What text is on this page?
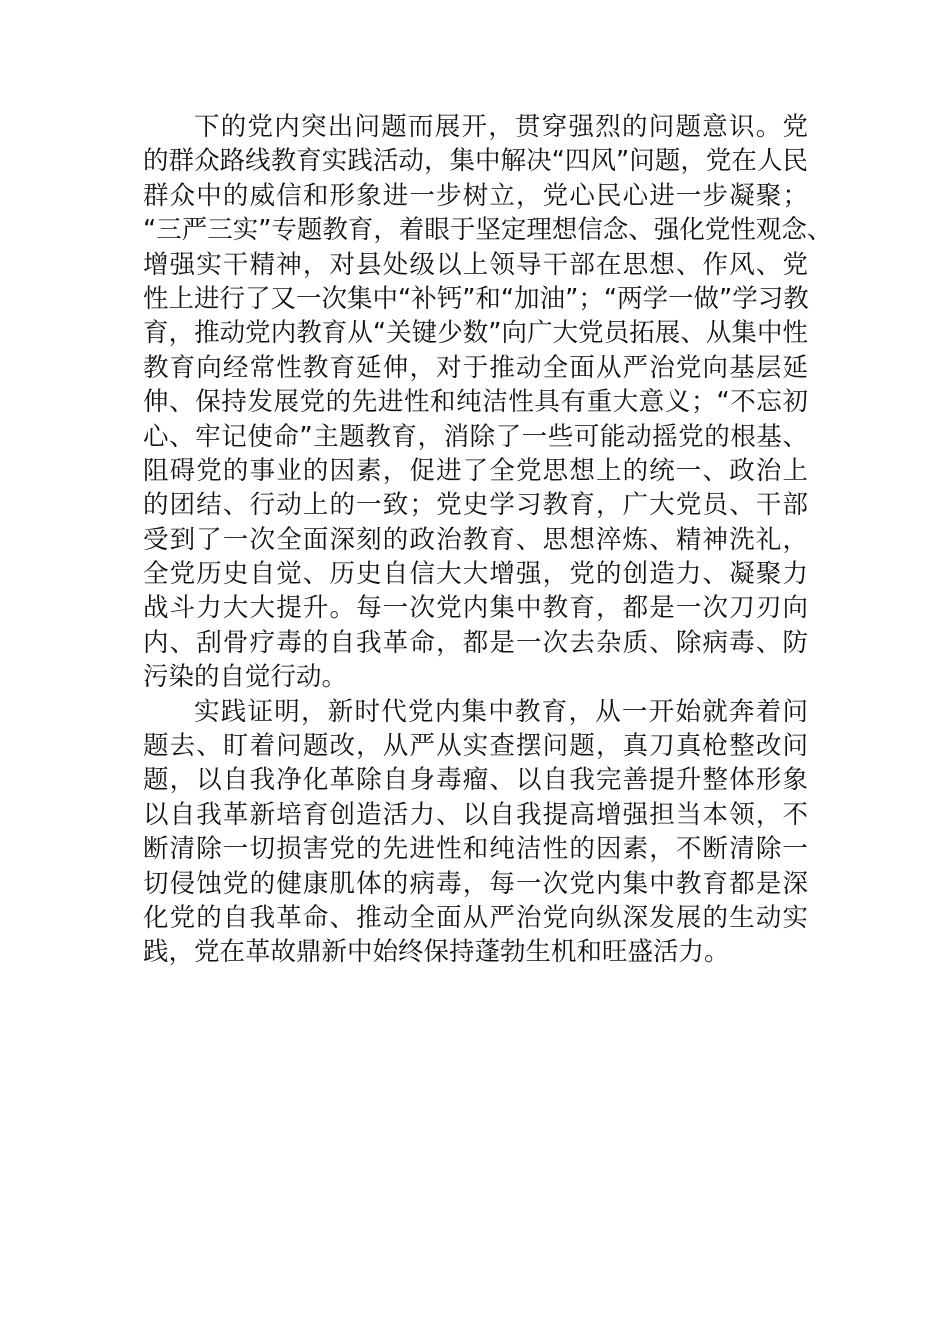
下的党内突出问题而展开，贯穿强烈的问题意识。党
的群众路线教育实践活动，集中解决“四风”问题，党在人民
群众中的威信和形象进一步树立，党心民心进一步凝聚；
“三严三实”专题教育，着眼于坚定理想信念、强化党性观念、
增强实干精神，对县处级以上领导干部在思想、作风、党
性上进行了又一次集中“补钙”和“加油”；“两学一做”学习教
育，推动党内教育从“关键少数”向广大党员拓展、从集中性
教育向经常性教育延伸，对于推动全面从严治党向基层延
伸、保持发展党的先进性和纯洁性具有重大意义；“不忘初
心、牢记使命”主题教育，消除了一些可能动摇党的根基、
阻碍党的事业的因素，促进了全党思想上的统一、政治上
的团结、行动上的一致；党史学习教育，广大党员、干部
受到了一次全面深刻的政治教育、思想淬炼、精神洗礼，
全党历史自觉、历史自信大大增强，党的创造力、凝聚力
战斗力大大提升。每一次党内集中教育，都是一次刀刃向
内、刮骨疗毒的自我革命，都是一次去杂质、除病毒、防
污染的自觉行动。
实践证明，新时代党内集中教育，从一开始就奔着问
题去、盯着问题改，从严从实查摆问题，真刀真枪整改问
题，以自我净化革除自身毒瘤、以自我完善提升整体形象
以自我革新培育创造活力、以自我提高增强担当本领，不
断清除一切损害党的先进性和纯洁性的因素，不断清除一
切侵蚀党的健康肌体的病毒，每一次党内集中教育都是深
化党的自我革命、推动全面从严治党向纵深发展的生动实
践，党在革故鼎新中始终保持蓬勃生机和旺盛活力。
